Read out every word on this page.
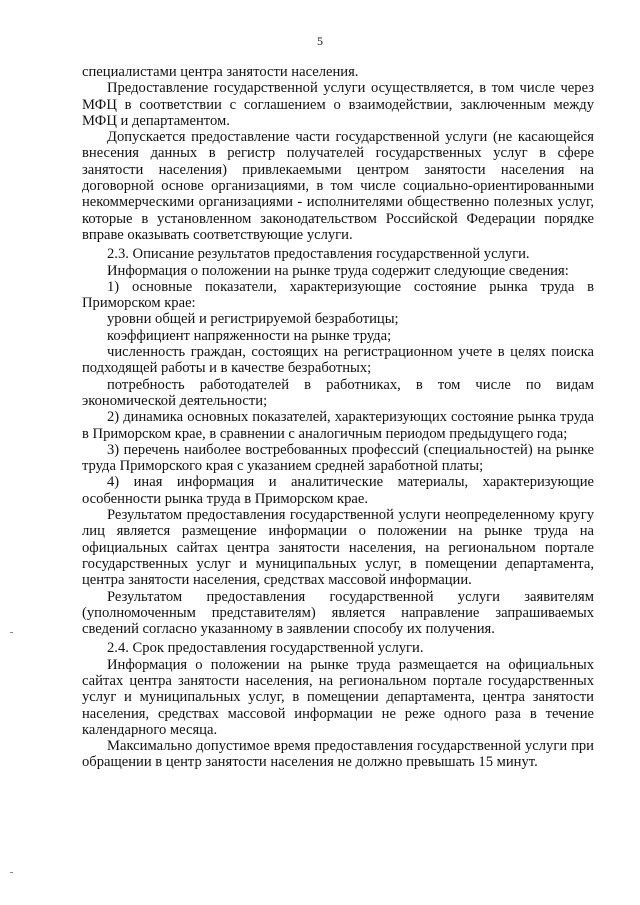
5

специалистами центра занятости населения.

Предоставление государственной услуги осуществляется, в том числе через МФЦ в соответствии с соглашением о взаимодействии, заключенным между МФЦ и департаментом.

Допускается предоставление части государственной услуги (не касающейся внесения данных в регистр получателей государственных услуг в сфере занятости населения) привлекаемыми центром занятости населения на договорной основе организациями, в том числе социально-ориентированными некоммерческими организациями - исполнителями общественно полезных услуг, которые в установленном законодательством Российской Федерации порядке вправе оказывать соответствующие услуги.

2.3. Описание результатов предоставления государственной услуги.

Информация о положении на рынке труда содержит следующие сведения:

1) основные показатели, характеризующие состояние рынка труда в Приморском крае:

уровни общей и регистрируемой безработицы;

коэффициент напряженности на рынке труда;

численность граждан, состоящих на регистрационном учете в целях поиска подходящей работы и в качестве безработных;

потребность работодателей в работниках, в том числе по видам экономической деятельности;

2) динамика основных показателей, характеризующих состояние рынка труда в Приморском крае, в сравнении с аналогичным периодом предыдущего года;

3) перечень наиболее востребованных профессий (специальностей) на рынке труда Приморского края с указанием средней заработной платы;

4) иная информация и аналитические материалы, характеризующие особенности рынка труда в Приморском крае.

Результатом предоставления государственной услуги неопределенному кругу лиц является размещение информации о положении на рынке труда на официальных сайтах центра занятости населения, на региональном портале государственных услуг и муниципальных услуг, в помещении департамента, центра занятости населения, средствах массовой информации.

Результатом предоставления государственной услуги заявителям (уполномоченным представителям) является направление запрашиваемых сведений согласно указанному в заявлении способу их получения.

2.4. Срок предоставления государственной услуги.

Информация о положении на рынке труда размещается на официальных сайтах центра занятости населения, на региональном портале государственных услуг и муниципальных услуг, в помещении департамента, центра занятости населения, средствах массовой информации не реже одного раза в течение календарного месяца.

Максимально допустимое время предоставления государственной услуги при обращении в центр занятости населения не должно превышать 15 минут.
